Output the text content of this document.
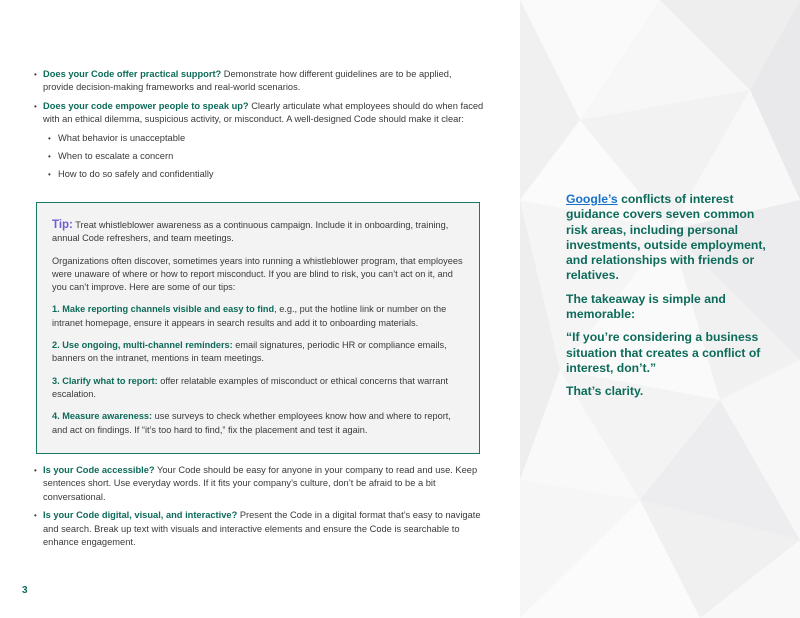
• Does your Code offer practical support? Demonstrate how different guidelines are to be applied, provide decision-making frameworks and real-world scenarios.
• Does your code empower people to speak up? Clearly articulate what employees should do when faced with an ethical dilemma, suspicious activity, or misconduct. A well-designed Code should make it clear:
• What behavior is unacceptable
• When to escalate a concern
• How to do so safely and confidentially

Tip: Treat whistleblower awareness as a continuous campaign. Include it in onboarding, training, annual Code refreshers, and team meetings.

Organizations often discover, sometimes years into running a whistleblower program, that employees were unaware of where or how to report misconduct. If you are blind to risk, you can’t act on it, and you can’t improve. Here are some of our tips:

1. Make reporting channels visible and easy to find, e.g., put the hotline link or number on the intranet homepage, ensure it appears in search results and add it to onboarding materials.

2. Use ongoing, multi-channel reminders: email signatures, periodic HR or compliance emails, banners on the intranet, mentions in team meetings.

3. Clarify what to report: offer relatable examples of misconduct or ethical concerns that warrant escalation.

4. Measure awareness: use surveys to check whether employees know how and where to report, and act on findings. If “it’s too hard to find,” fix the placement and test it again.

• Is your Code accessible? Your Code should be easy for anyone in your company to read and use. Keep sentences short. Use everyday words. If it fits your company’s culture, don’t be afraid to be a bit conversational.
• Is your Code digital, visual, and interactive? Present the Code in a digital format that’s easy to navigate and search. Break up text with visuals and interactive elements and ensure the Code is searchable to enhance engagement.
3

Google’s conflicts of interest guidance covers seven common risk areas, including personal investments, outside employment, and relationships with friends or relatives.

The takeaway is simple and memorable:

“If you’re considering a business situation that creates a conflict of interest, don’t.”

That’s clarity.
